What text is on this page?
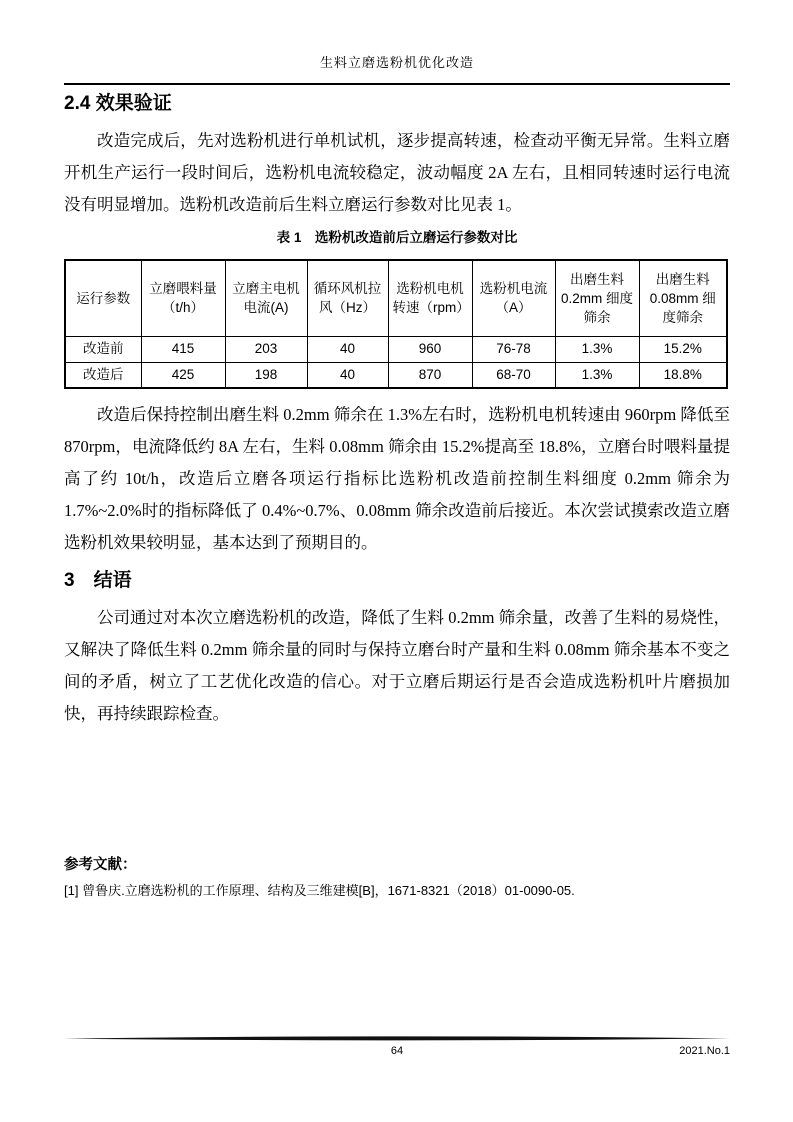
生料立磨选粉机优化改造
2.4 效果验证

改造完成后，先对选粉机进行单机试机，逐步提高转速，检查动平衡无异常。生料立磨开机生产运行一段时间后，选粉机电流较稳定，波动幅度 2A 左右，且相同转速时运行电流没有明显增加。选粉机改造前后生料立磨运行参数对比见表 1。

表 1　选粉机改造前后立磨运行参数对比
运行参数	立磨喂料量（t/h）	立磨主电机电流(A)	循环风机拉风（Hz）	选粉机电机转速（rpm）	选粉机电流（A）	出磨生料0.2mm 细度筛余	出磨生料0.08mm 细度筛余
改造前	415	203	40	960	76-78	1.3%	15.2%
改造后	425	198	40	870	68-70	1.3%	18.8%

改造后保持控制出磨生料 0.2mm 筛余在 1.3%左右时，选粉机电机转速由 960rpm 降低至 870rpm，电流降低约 8A 左右，生料 0.08mm 筛余由 15.2%提高至 18.8%，立磨台时喂料量提高了约 10t/h，改造后立磨各项运行指标比选粉机改造前控制生料细度 0.2mm 筛余为 1.7%~2.0%时的指标降低了 0.4%~0.7%、0.08mm 筛余改造前后接近。本次尝试摸索改造立磨选粉机效果较明显，基本达到了预期目的。

3　结语

公司通过对本次立磨选粉机的改造，降低了生料 0.2mm 筛余量，改善了生料的易烧性，又解决了降低生料 0.2mm 筛余量的同时与保持立磨台时产量和生料 0.08mm 筛余基本不变之间的矛盾，树立了工艺优化改造的信心。对于立磨后期运行是否会造成选粉机叶片磨损加快，再持续跟踪检查。

参考文献：
[1] 曾鲁庆.立磨选粉机的工作原理、结构及三维建模[B]，1671-8321（2018）01-0090-05.
64	2021.No.1
